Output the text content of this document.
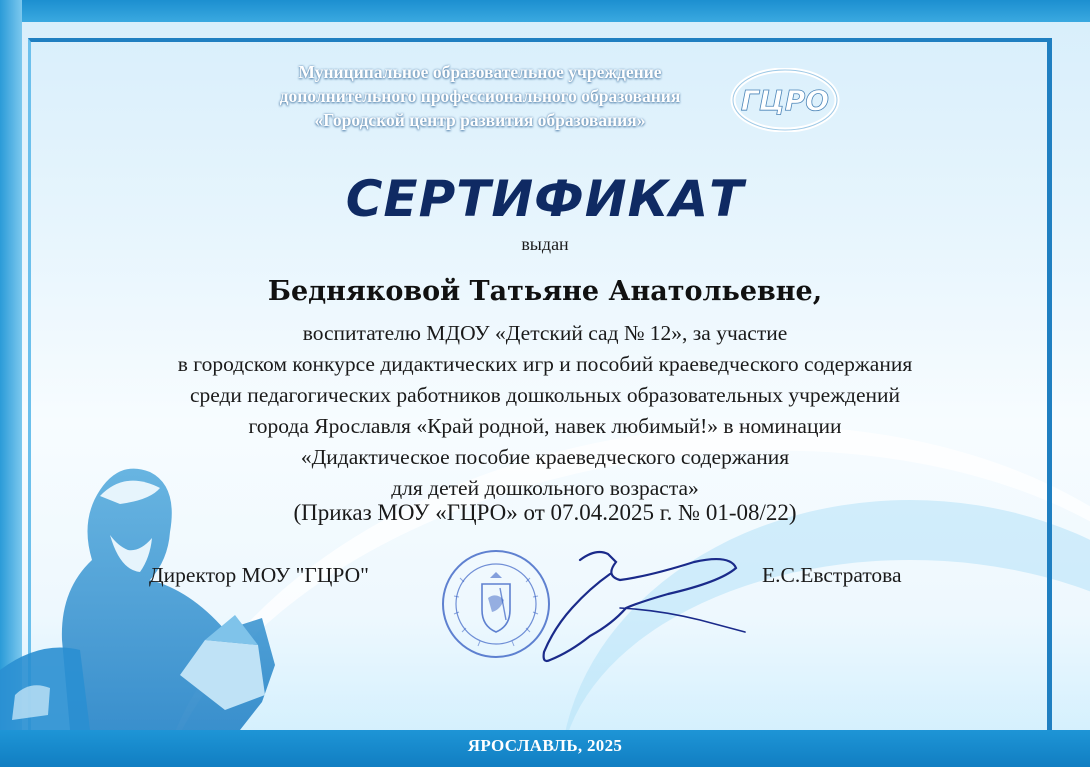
Муниципальное образовательное учреждение
дополнительного профессионального образования
«Городской центр развития образования»
ГЦРО
СЕРТИФИКАТ
выдан
Бедняковой Татьяне Анатольевне,
воспитателю МДОУ «Детский сад № 12», за участие
в городском конкурсе дидактических игр и пособий краеведческого содержания
среди педагогических работников дошкольных образовательных учреждений
города Ярославля «Край родной, навек любимый!» в номинации
«Дидактическое пособие краеведческого содержания
для детей дошкольного возраста»
(Приказ МОУ «ГЦРО» от 07.04.2025 г. № 01-08/22)
Директор МОУ "ГЦРО"	Е.С.Евстратова
ЯРОСЛАВЛЬ, 2025
